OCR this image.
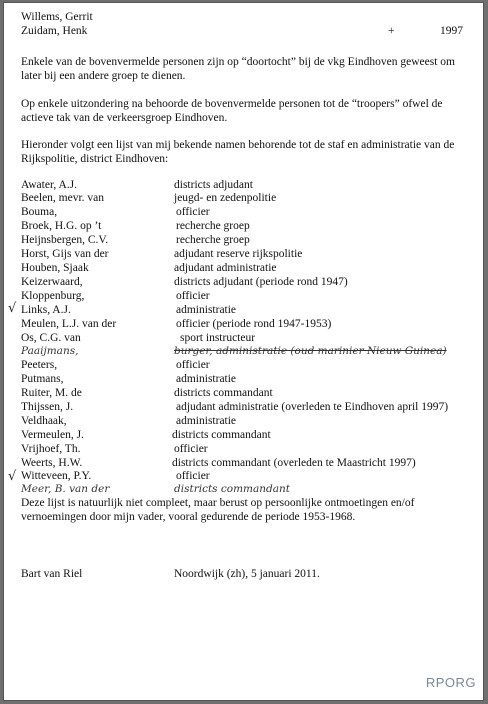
Willems, Gerrit
Zuidam, Henk	+	1997
Enkele van de bovenvermelde personen zijn op “doortocht” bij de vkg Eindhoven geweest om later bij een andere groep te dienen.
Op enkele uitzondering na behoorde de bovenvermelde personen tot de “troopers” ofwel de actieve tak van de verkeersgroep Eindhoven.
Hieronder volgt een lijst van mij bekende namen behorende tot de staf en administratie van de Rijkspolitie, district Eindhoven:
Awater, A.J.	districts adjudant
Beelen, mevr. van	jeugd- en zedenpolitie
Bouma,	officier
Broek, H.G. op ’t	recherche groep
Heijnsbergen, C.V.	recherche groep
Horst, Gijs van der	adjudant reserve rijkspolitie
Houben, Sjaak	adjudant administratie
Keizerwaard,	districts adjudant (periode rond 1947)
Kloppenburg,	officier
Links, A.J.	administratie
Meulen, L.J. van der	officier (periode rond 1947-1953)
Os, C.G. van	sport instructeur
Paaijmans,	burger, administratie (oud marinier Nieuw Guinea)
Peeters,	officier
Putmans,	administratie
Ruiter, M. de	districts commandant
Thijssen, J.	adjudant administratie (overleden te Eindhoven april 1997)
Veldhaak,	administratie
Vermeulen, J.	districts commandant
Vrijhoef, Th.	officier
Weerts, H.W.	districts commandant (overleden te Maastricht 1997)
Witteveen, P.Y.	officier
Meer, B. van der	districts commandant
√
√
Deze lijst is natuurlijk niet compleet, maar berust op persoonlijke ontmoetingen en/of vernoemingen door mijn vader, vooral gedurende de periode 1953-1968.
Bart van Riel	Noordwijk (zh), 5 januari 2011.
RPORG
